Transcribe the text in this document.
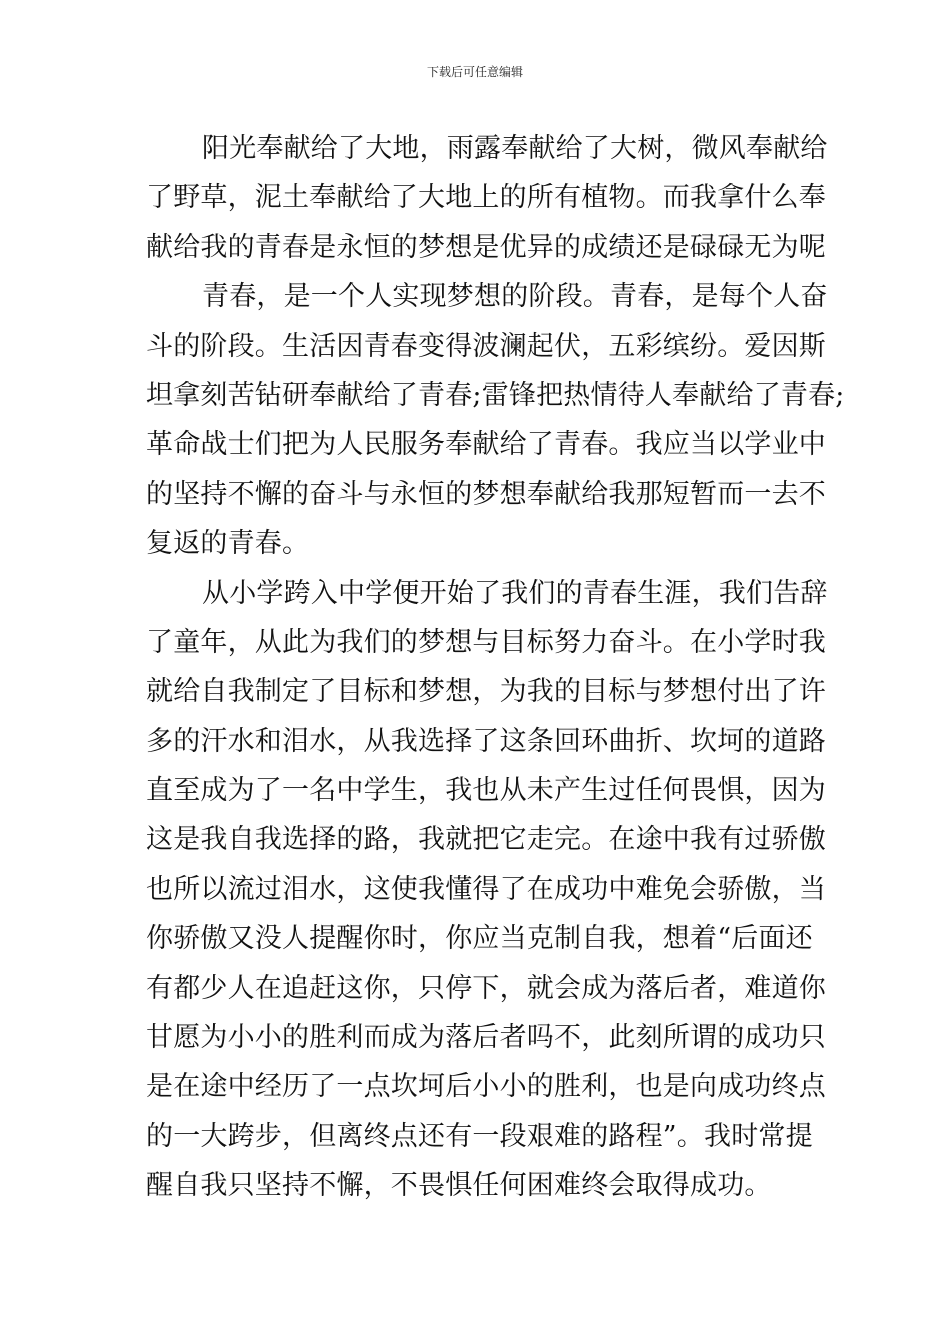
下载后可任意编辑
阳光奉献给了大地，雨露奉献给了大树，微风奉献给
了野草，泥土奉献给了大地上的所有植物。而我拿什么奉
献给我的青春是永恒的梦想是优异的成绩还是碌碌无为呢
青春，是一个人实现梦想的阶段。青春，是每个人奋
斗的阶段。生活因青春变得波澜起伏，五彩缤纷。爱因斯
坦拿刻苦钻研奉献给了青春;雷锋把热情待人奉献给了青春;
革命战士们把为人民服务奉献给了青春。我应当以学业中
的坚持不懈的奋斗与永恒的梦想奉献给我那短暂而一去不
复返的青春。
从小学跨入中学便开始了我们的青春生涯，我们告辞
了童年，从此为我们的梦想与目标努力奋斗。在小学时我
就给自我制定了目标和梦想，为我的目标与梦想付出了许
多的汗水和泪水，从我选择了这条回环曲折、坎坷的道路
直至成为了一名中学生，我也从未产生过任何畏惧，因为
这是我自我选择的路，我就把它走完。在途中我有过骄傲
也所以流过泪水，这使我懂得了在成功中难免会骄傲，当
你骄傲又没人提醒你时，你应当克制自我，想着“后面还
有都少人在追赶这你，只停下，就会成为落后者，难道你
甘愿为小小的胜利而成为落后者吗不，此刻所谓的成功只
是在途中经历了一点坎坷后小小的胜利，也是向成功终点
的一大跨步，但离终点还有一段艰难的路程”。我时常提
醒自我只坚持不懈，不畏惧任何困难终会取得成功。
